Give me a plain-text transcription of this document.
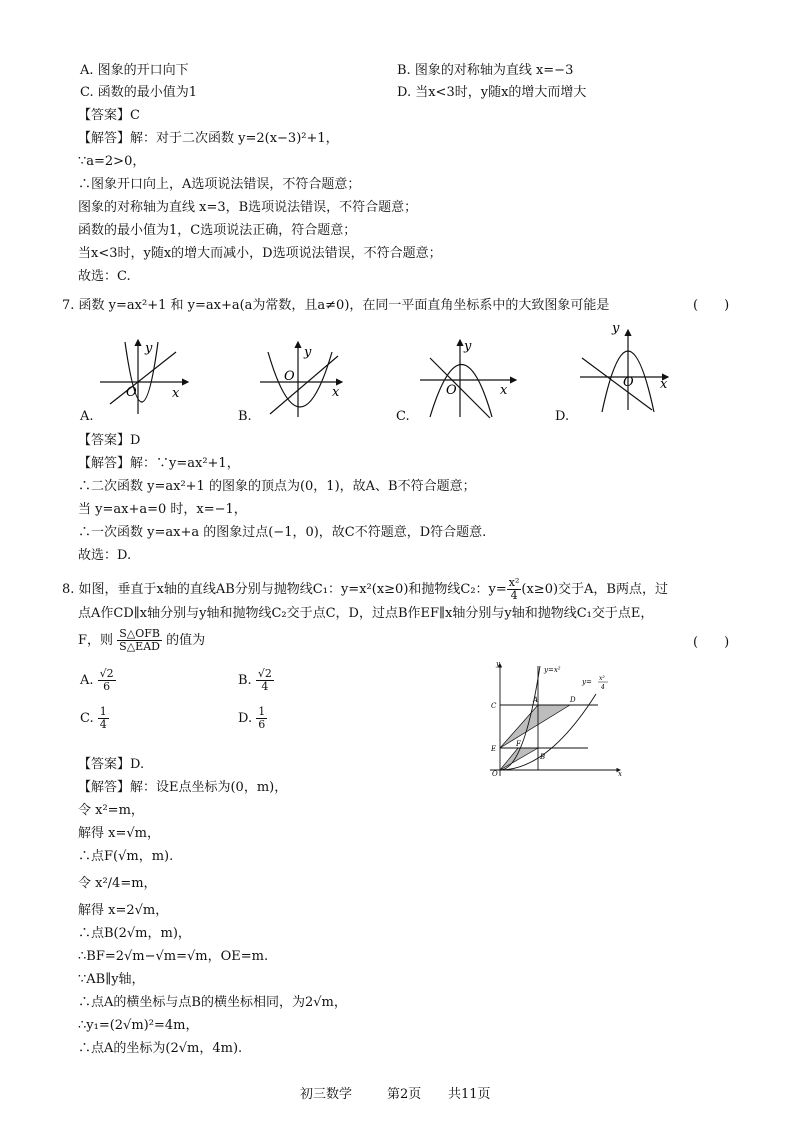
A. 图象的开口向下	B. 图象的对称轴为直线 x=−3
C. 函数的最小值为1	D. 当x<3时，y随x的增大而增大
【答案】C
【解答】解：对于二次函数 y=2(x−3)²+1，
∵a=2>0，
∴图象开口向上，A选项说法错误，不符合题意；
图象的对称轴为直线 x=3，B选项说法错误，不符合题意；
函数的最小值为1，C选项说法正确，符合题意；
当x<3时，y随x的增大而减小，D选项说法错误，不符合题意；
故选：C.
7. 函数 y=ax²+1 和 y=ax+a(a为常数，且a≠0)，在同一平面直角坐标系中的大致图象可能是	(　　)
y
x
O
y
x
O
y
x
O
y
x
O
A.	B.	C.	D.
【答案】D
【解答】解：∵y=ax²+1，
∴二次函数 y=ax²+1 的图象的顶点为(0，1)，故A、B不符合题意；
当 y=ax+a=0 时，x=−1，
∴一次函数 y=ax+a 的图象过点(−1，0)，故C不符题意，D符合题意.
故选：D.
8. 如图，垂直于x轴的直线AB分别与抛物线C₁：y=x²(x≥0)和抛物线C₂：$y= \frac{\text{x²}}{4} (x\ge 0)$交于A，B两点，过
点A作CD∥x轴分别与y轴和抛物线C₂交于点C，D，过点B作EF∥x轴分别与y轴和抛物线C₁交于点E，
F，则 $\frac{\text{S△OFB}}{\text{S△EAD}}$ 的值为	(　　)
A. $\frac{√2}{6}$	B. $\frac{√2}{4}$
C. $\frac{1}{4}$	D. $\frac{1}{6}$
y
x
O
C
E
A	D
F
B
y=x²
y= x²
4
【答案】D.
【解答】解：设E点坐标为(0，m)，
令 x²=m，
解得 x=√m，
∴点F(√m，m).
令 x²/4=m，
解得 x=2√m，
∴点B(2√m，m)，
∴BF=2√m−√m=√m，OE=m.
∵AB∥y轴，
∴点A的横坐标与点B的横坐标相同，为2√m，
∴y₁=(2√m)²=4m，
∴点A的坐标为(2√m，4m).
初三数学	第2页 共11页
